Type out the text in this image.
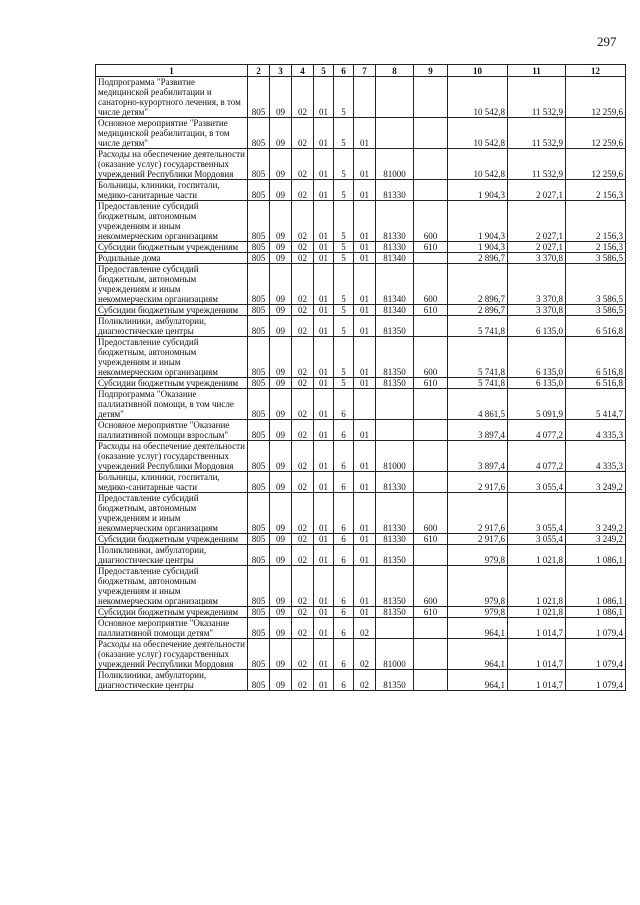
297
1	2	3	4	5	6	7	8	9	10	11	12
Подпрограмма "Развитие медицинской реабилитации и санаторно-курортного лечения, в том числе детям"	805	09	02	01	5				10 542,8	11 532,9	12 259,6
Основное мероприятие "Развитие медицинской реабилитации, в том числе детям"	805	09	02	01	5	01			10 542,8	11 532,9	12 259,6
Расходы на обеспечение деятельности (оказание услуг) государственных учреждений Республики Мордовия	805	09	02	01	5	01	81000		10 542,8	11 532,9	12 259,6
Больницы, клиники, госпитали, медико-санитарные части	805	09	02	01	5	01	81330		1 904,3	2 027,1	2 156,3
Предоставление субсидий бюджетным, автономным учреждениям и иным некоммерческим организациям	805	09	02	01	5	01	81330	600	1 904,3	2 027,1	2 156,3
Субсидии бюджетным учреждениям	805	09	02	01	5	01	81330	610	1 904,3	2 027,1	2 156,3
Родильные дома	805	09	02	01	5	01	81340		2 896,7	3 370,8	3 586,5
Предоставление субсидий бюджетным, автономным учреждениям и иным некоммерческим организациям	805	09	02	01	5	01	81340	600	2 896,7	3 370,8	3 586,5
Субсидии бюджетным учреждениям	805	09	02	01	5	01	81340	610	2 896,7	3 370,8	3 586,5
Поликлиники, амбулатории, диагностические центры	805	09	02	01	5	01	81350		5 741,8	6 135,0	6 516,8
Предоставление субсидий бюджетным, автономным учреждениям и иным некоммерческим организациям	805	09	02	01	5	01	81350	600	5 741,8	6 135,0	6 516,8
Субсидии бюджетным учреждениям	805	09	02	01	5	01	81350	610	5 741,8	6 135,0	6 516,8
Подпрограмма "Оказание паллиативной помощи, в том числе детям"	805	09	02	01	6				4 861,5	5 091,9	5 414,7
Основное мероприятие "Оказание паллиативной помощи взрослым"	805	09	02	01	6	01			3 897,4	4 077,2	4 335,3
Расходы на обеспечение деятельности (оказание услуг) государственных учреждений Республики Мордовия	805	09	02	01	6	01	81000		3 897,4	4 077,2	4 335,3
Больницы, клиники, госпитали, медико-санитарные части	805	09	02	01	6	01	81330		2 917,6	3 055,4	3 249,2
Предоставление субсидий бюджетным, автономным учреждениям и иным некоммерческим организациям	805	09	02	01	6	01	81330	600	2 917,6	3 055,4	3 249,2
Субсидии бюджетным учреждениям	805	09	02	01	6	01	81330	610	2 917,6	3 055,4	3 249,2
Поликлиники, амбулатории, диагностические центры	805	09	02	01	6	01	81350		979,8	1 021,8	1 086,1
Предоставление субсидий бюджетным, автономным учреждениям и иным некоммерческим организациям	805	09	02	01	6	01	81350	600	979,8	1 021,8	1 086,1
Субсидии бюджетным учреждениям	805	09	02	01	6	01	81350	610	979,8	1 021,8	1 086,1
Основное мероприятие "Оказание паллиативной помощи детям"	805	09	02	01	6	02			964,1	1 014,7	1 079,4
Расходы на обеспечение деятельности (оказание услуг) государственных учреждений Республики Мордовия	805	09	02	01	6	02	81000		964,1	1 014,7	1 079,4
Поликлиники, амбулатории, диагностические центры	805	09	02	01	6	02	81350		964,1	1 014,7	1 079,4
